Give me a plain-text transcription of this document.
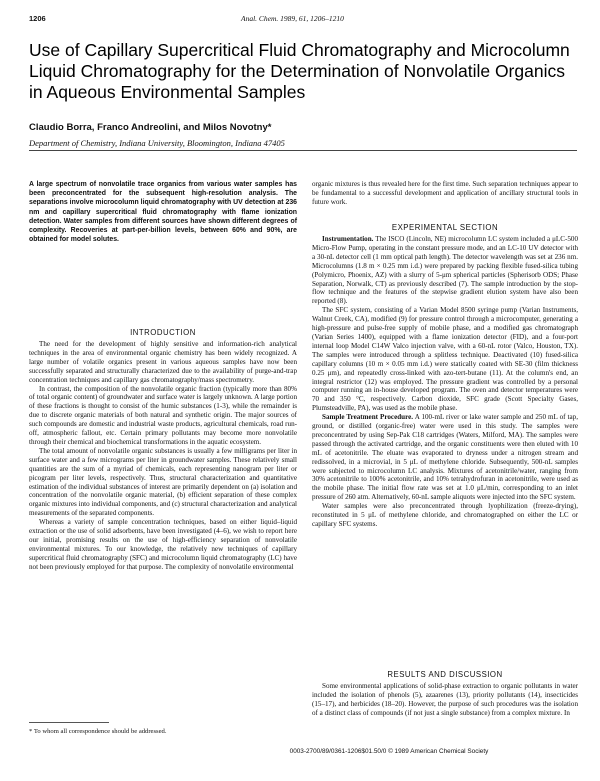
1206	Anal. Chem. 1989, 61, 1206–1210
Use of Capillary Supercritical Fluid Chromatography and Microcolumn Liquid Chromatography for the Determination of Nonvolatile Organics in Aqueous Environmental Samples
Claudio Borra, Franco Andreolini, and Milos Novotny*
Department of Chemistry, Indiana University, Bloomington, Indiana 47405
A large spectrum of nonvolatile trace organics from various water samples has been preconcentrated for the subsequent high-resolution analysis. The separations involve microcolumn liquid chromatography with UV detection at 236 nm and capillary supercritical fluid chromatography with flame ionization detection. Water samples from different sources have shown different degrees of complexity. Recoveries at part-per-billion levels, between 60% and 90%, are obtained for model solutes.
INTRODUCTION

The need for the development of highly sensitive and information-rich analytical techniques in the area of environmental organic chemistry has been widely recognized. A large number of volatile organics present in various aqueous samples have now been successfully separated and structurally characterized due to the availability of purge-and-trap concentration techniques and capillary gas chromatography/mass spectrometry.

In contrast, the composition of the nonvolatile organic fraction (typically more than 80% of total organic content) of groundwater and surface water is largely unknown. A large portion of these fractions is thought to consist of the humic substances (1-3), while the remainder is due to discrete organic materials of both natural and synthetic origin. The major sources of such compounds are domestic and industrial waste products, agricultural chemicals, road run-off, atmospheric fallout, etc. Certain primary pollutants may become more nonvolatile through their chemical and biochemical transformations in the aquatic ecosystem.

The total amount of nonvolatile organic substances is usually a few milligrams per liter in surface water and a few micrograms per liter in groundwater samples. These relatively small quantities are the sum of a myriad of chemicals, each representing nanogram per liter or picogram per liter levels, respectively. Thus, structural characterization and quantitative estimation of the individual substances of interest are primarily dependent on (a) isolation and concentration of the nonvolatile organic material, (b) efficient separation of these complex organic mixtures into individual components, and (c) structural characterization and analytical measurements of the separated components.

Whereas a variety of sample concentration techniques, based on either liquid–liquid extraction or the use of solid adsorbents, have been investigated (4–6), we wish to report here our initial, promising results on the use of high-efficiency separation of nonvolatile environmental mixtures. To our knowledge, the relatively new techniques of capillary supercritical fluid chromatography (SFC) and microcolumn liquid chromatography (LC) have not been previously employed for that purpose. The complexity of nonvolatile environmental

* To whom all correspondence should be addressed.
organic mixtures is thus revealed here for the first time. Such separation techniques appear to be fundamental to a successful development and application of ancillary structural tools in future work.
EXPERIMENTAL SECTION

Instrumentation. The ISCO (Lincoln, NE) microcolumn LC system included a μLC-500 Micro-Flow Pump, operating in the constant pressure mode, and an LC-10 UV detector with a 30-nL detector cell (1 mm optical path length). The detector wavelength was set at 236 nm. Microcolumns (1.8 m × 0.25 mm i.d.) were prepared by packing flexible fused-silica tubing (Polymicro, Phoenix, AZ) with a slurry of 5-μm spherical particles (Spherisorb ODS; Phase Separation, Norwalk, CT) as previously described (7). The sample introduction by the stop-flow technique and the features of the stepwise gradient elution system have also been reported (8).

The SFC system, consisting of a Varian Model 8500 syringe pump (Varian Instruments, Walnut Creek, CA), modified (9) for pressure control through a microcomputer, generating a high-pressure and pulse-free supply of mobile phase, and a modified gas chromatograph (Varian Series 1400), equipped with a flame ionization detector (FID), and a four-port internal loop Model C14W Valco injection valve, with a 60-nL rotor (Valco, Houston, TX). The samples were introduced through a splitless technique. Deactivated (10) fused-silica capillary columns (10 m × 0.05 mm i.d.) were statically coated with SE-30 (film thickness 0.25 μm), and repeatedly cross-linked with azo-tert-butane (11). At the column's end, an integral restrictor (12) was employed. The pressure gradient was controlled by a personal computer running an in-house developed program. The oven and detector temperatures were 70 and 350 °C, respectively. Carbon dioxide, SFC grade (Scott Specialty Gases, Plumsteadville, PA), was used as the mobile phase.

Sample Treatment Procedure. A 100-mL river or lake water sample and 250 mL of tap, ground, or distilled (organic-free) water were used in this study. The samples were preconcentrated by using Sep-Pak C18 cartridges (Waters, Milford, MA). The samples were passed through the activated cartridge, and the organic constituents were then eluted with 10 mL of acetonitrile. The eluate was evaporated to dryness under a nitrogen stream and redissolved, in a microvial, in 5 μL of methylene chloride. Subsequently, 500-nL samples were subjected to microcolumn LC analysis. Mixtures of acetonitrile/water, ranging from 30% acetonitrile to 100% acetonitrile, and 10% tetrahydrofuran in acetonitrile, were used as the mobile phase. The initial flow rate was set at 1.0 μL/min, corresponding to an inlet pressure of 260 atm. Alternatively, 60-nL sample aliquots were injected into the SFC system.

Water samples were also preconcentrated through lyophilization (freeze-drying), reconstituted in 5 μL of methylene chloride, and chromatographed on either the LC or capillary SFC systems.

RESULTS AND DISCUSSION

Some environmental applications of solid-phase extraction to organic pollutants in water included the isolation of phenols (5), azaarenes (13), priority pollutants (14), insecticides (15–17), and herbicides (18–20). However, the purpose of such procedures was the isolation of a distinct class of compounds (if not just a single substance) from a complex mixture. In

0003-2700/89/0361-1206$01.50/0 © 1989 American Chemical Society
